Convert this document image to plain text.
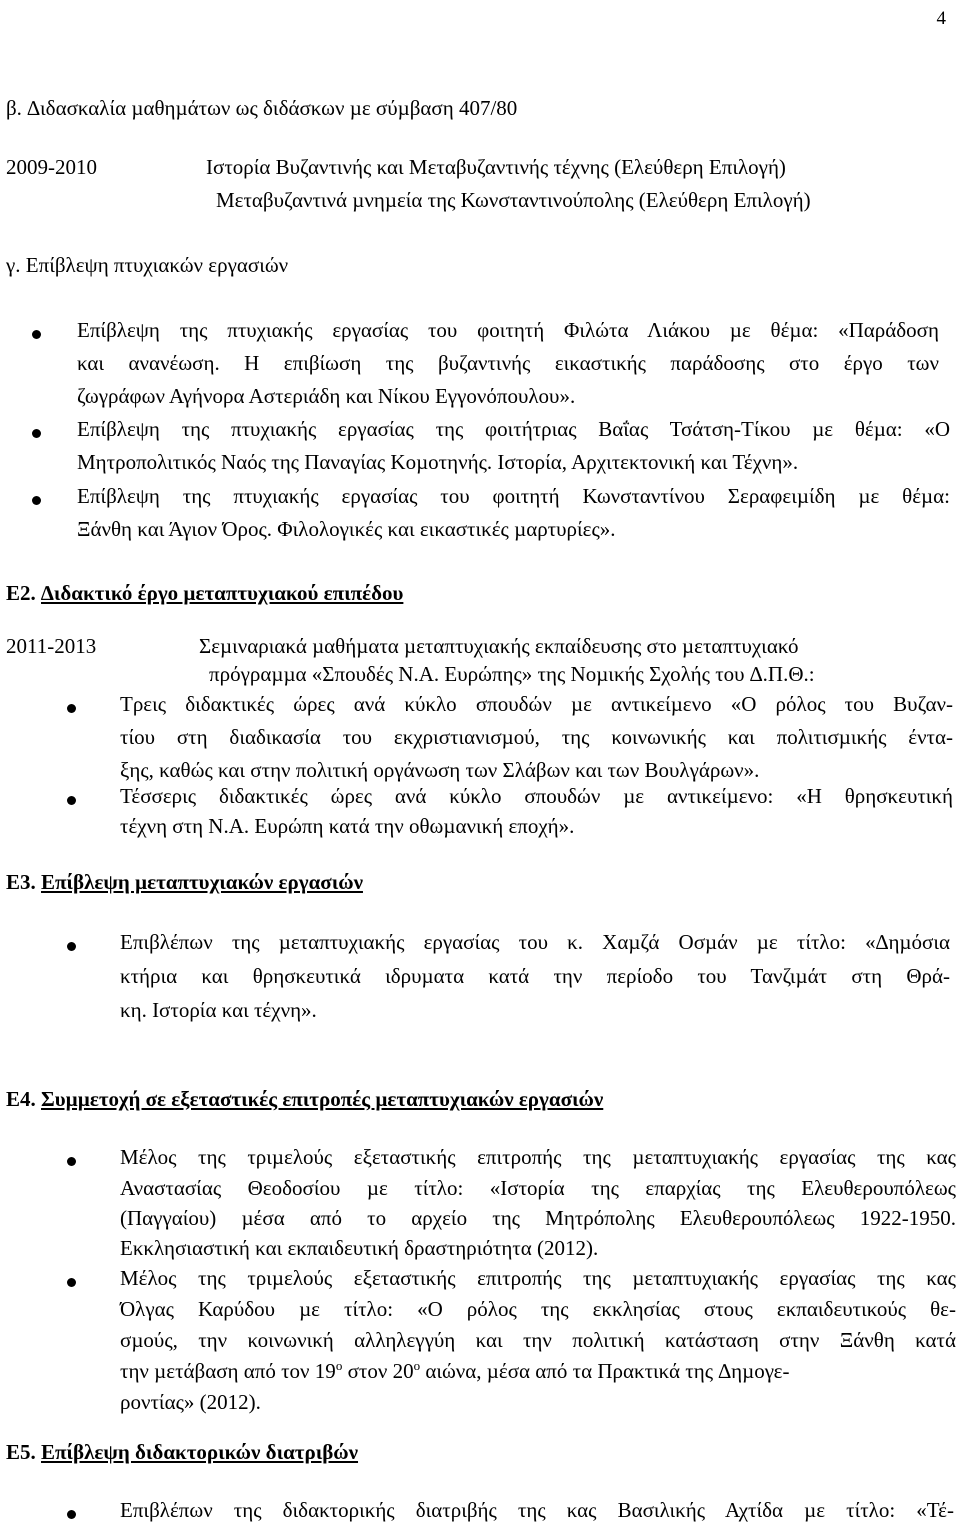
4
β. ∆ιδασκαλία µαθηµάτων ως διδάσκων µε σύµβαση 407/80
2009-2010	Ιστορία Βυζαντινής και Μεταβυζαντινής τέχνης (Ελεύθερη Επιλογή)
Μεταβυζαντινά µνηµεία της Κωνσταντινούπολης (Ελεύθερη Επιλογή)
γ. Επίβλεψη πτυχιακών εργασιών
Επίβλεψη της πτυχιακής εργασίας του φοιτητή Φιλώτα Λιάκου µε θέµα: «Παράδοση
και ανανέωση. Η επιβίωση της βυζαντινής εικαστικής παράδοσης στο έργο των
ζωγράφων Αγήνορα Αστεριάδη και Νίκου Εγγονόπουλου».
Επίβλεψη της πτυχιακής εργασίας της φοιτήτριας Βαΐας Τσάτση-Τίκου µε θέµα: «Ο
Μητροπολιτικός Ναός της Παναγίας Κοµοτηνής. Ιστορία, Αρχιτεκτονική και Τέχνη».
Επίβλεψη της πτυχιακής εργασίας του φοιτητή Κωνσταντίνου Σεραφειµίδη µε θέµα:
Ξάνθη και Άγιον Όρος. Φιλολογικές και εικαστικές µαρτυρίες».
Ε2. ∆ιδακτικό έργο µεταπτυχιακού επιπέδου
2011-2013	Σεµιναριακά µαθήµατα µεταπτυχιακής εκπαίδευσης στο µεταπτυχιακό
πρόγραµµα «Σπουδές Ν.Α. Ευρώπης» της Νοµικής Σχολής του ∆.Π.Θ.:
Τρεις διδακτικές ώρες ανά κύκλο σπουδών µε αντικείµενο «Ο ρόλος του Βυζαν-
τίου στη διαδικασία του εκχριστιανισµού, της κοινωνικής και πολιτισµικής έντα-
ξης, καθώς και στην πολιτική οργάνωση των Σλάβων και των Βουλγάρων».
Τέσσερις διδακτικές ώρες ανά κύκλο σπουδών µε αντικείµενο: «Η θρησκευτική
τέχνη στη Ν.Α. Ευρώπη κατά την οθωµανική εποχή».
Ε3. Επίβλεψη µεταπτυχιακών εργασιών
Επιβλέπων της µεταπτυχιακής εργασίας του κ. Χαµζά Οσµάν µε τίτλο: «∆ηµόσια
κτήρια και θρησκευτικά ιδρυµατα κατά την περίοδο του Τανζιµάτ στη Θρά-
κη. Ιστορία και τέχνη».
Ε4. Συµµετοχή σε εξεταστικές επιτροπές µεταπτυχιακών εργασιών
Μέλος της τριµελούς εξεταστικής επιτροπής της µεταπτυχιακής εργασίας της κας
Αναστασίας Θεοδοσίου µε τίτλο: «Ιστορία της επαρχίας της Ελευθερουπόλεως
(Παγγαίου) µέσα από το αρχείο της Μητρόπολης Ελευθερουπόλεως 1922-1950.
Εκκλησιαστική και εκπαιδευτική δραστηριότητα (2012).
Μέλος της τριµελούς εξεταστικής επιτροπής της µεταπτυχιακής εργασίας της κας
Όλγας Καρύδου µε τίτλο: «Ο ρόλος της εκκλησίας στους εκπαιδευτικούς θε-
σµούς, την κοινωνική αλληλεγγύη και την πολιτική κατάσταση στην Ξάνθη κατά
την µετάβαση από τον $19^o$ στον $20^o$ αιώνα, µέσα από τα Πρακτικά της ∆ηµογε-
ροντίας» (2012).
Ε5. Επίβλεψη διδακτορικών διατριβών
Επιβλέπων της διδακτορικής διατριβής της κας Βασιλικής Αχτίδα µε τίτλο: «Τέ-
